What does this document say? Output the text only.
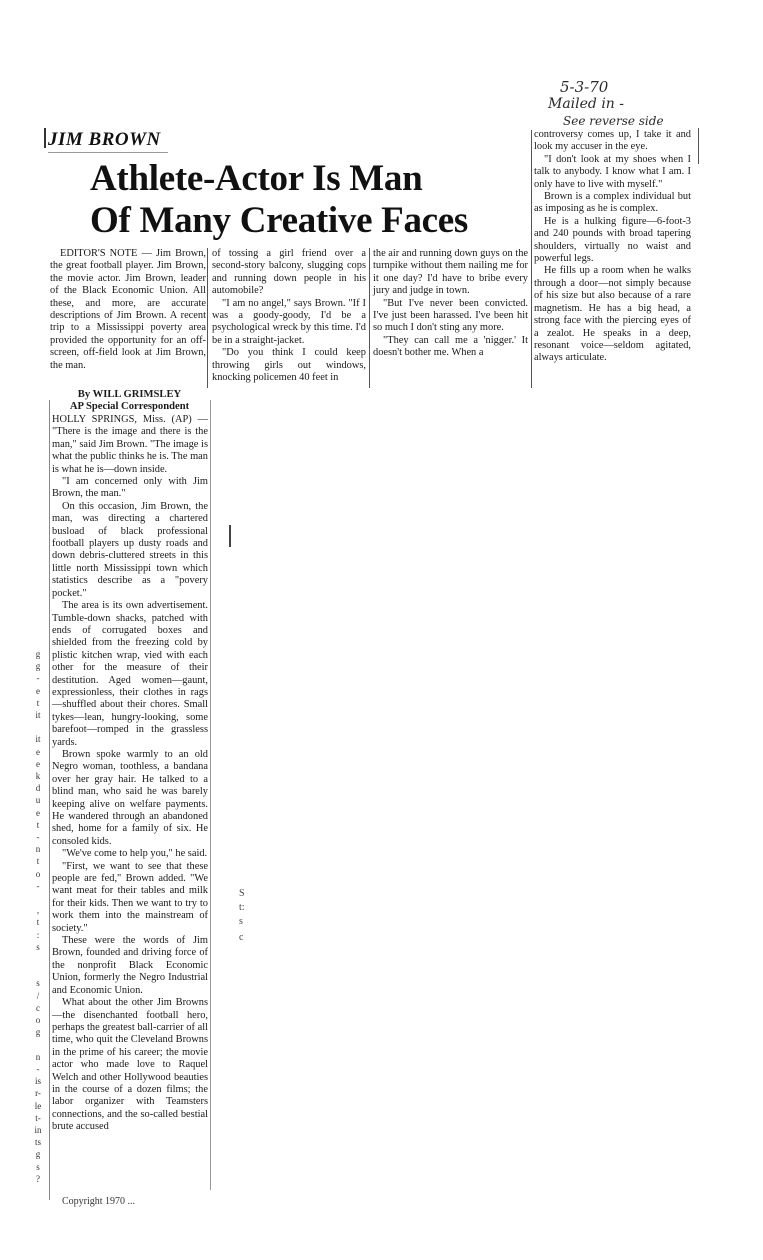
5-3-70
Mailed in -
See reverse side
JIM BROWN
Athlete-Actor Is Man
Of Many Creative Faces

EDITOR'S NOTE — Jim Brown, the great football player. Jim Brown, the movie actor. Jim Brown, leader of the Black Economic Union. All these, and more, are accurate descriptions of Jim Brown. A recent trip to a Mississippi poverty area provided the opportunity for an off-screen, off-field look at Jim Brown, the man.

By WILL GRIMSLEY
AP Special Correspondent

HOLLY SPRINGS, Miss. (AP) — "There is the image and there is the man," said Jim Brown. "The image is what the public thinks he is. The man is what he is—down inside.

"I am concerned only with Jim Brown, the man."

On this occasion, Jim Brown, the man, was directing a chartered busload of black professional football players up dusty roads and down debris-cluttered streets in this little north Mississippi town which statistics describe as a "povery pocket."

The area is its own advertisement. Tumble-down shacks, patched with ends of corrugated boxes and shielded from the freezing cold by plistic kitchen wrap, vied with each other for the measure of their destitution. Aged women—gaunt, expressionless, their clothes in rags—shuffled about their chores. Small tykes—lean, hungry-looking, some barefoot—romped in the grassless yards.

Brown spoke warmly to an old Negro woman, toothless, a bandana over her gray hair. He talked to a blind man, who said he was barely keeping alive on welfare payments. He wandered through an abandoned shed, home for a family of six. He consoled kids.

"We've come to help you," he said.

"First, we want to see that these people are fed," Brown added. "We want meat for their tables and milk for their kids. Then we want to try to work them into the mainstream of society."

These were the words of Jim Brown, founded and driving force of the nonprofit Black Economic Union, formerly the Negro Industrial and Economic Union.

What about the other Jim Browns—the disenchanted football hero, perhaps the greatest ball-carrier of all time, who quit the Cleveland Browns in the prime of his career; the movie actor who made love to Raquel Welch and other Hollywood beauties in the course of a dozen films; the labor organizer with Teamsters connections, and the so-called bestial brute accused

of tossing a girl friend over a second-story balcony, slugging cops and running down people in his automobile?

"I am no angel," says Brown. "If I was a goody-goody, I'd be a psychological wreck by this time. I'd be in a straight-jacket.

"Do you think I could keep throwing girls out windows, knocking policemen 40 feet in

the air and running down guys on the turnpike without them nailing me for it one day? I'd have to bribe every jury and judge in town.

"But I've never been convicted. I've just been harassed. I've been hit so much I don't sting any more.

"They can call me a 'nigger.' It doesn't bother me. When a

controversy comes up, I take it and look my accuser in the eye.

"I don't look at my shoes when I talk to anybody. I know what I am. I only have to live with myself."

Brown is a complex individual but as imposing as he is complex.

He is a hulking figure—6-foot-3 and 240 pounds with broad tapering shoulders, virtually no waist and powerful legs.

He fills up a room when he walks through a door—not simply because of his size but also because of a rare magnetism. He has a big head, a strong face with the piercing eyes of a zealot. He speaks in a deep, resonant voice—seldom agitated, always articulate.

g
g
-
e
t
it

it
e
e
k
d
u
e
t
-
n
t
o
-

,
t
:
s

s
/
c
o
g

n
-
is
r-
le
t-
in
ts
g
s
?
S
t:
s
c
Copyright 1970 ...
